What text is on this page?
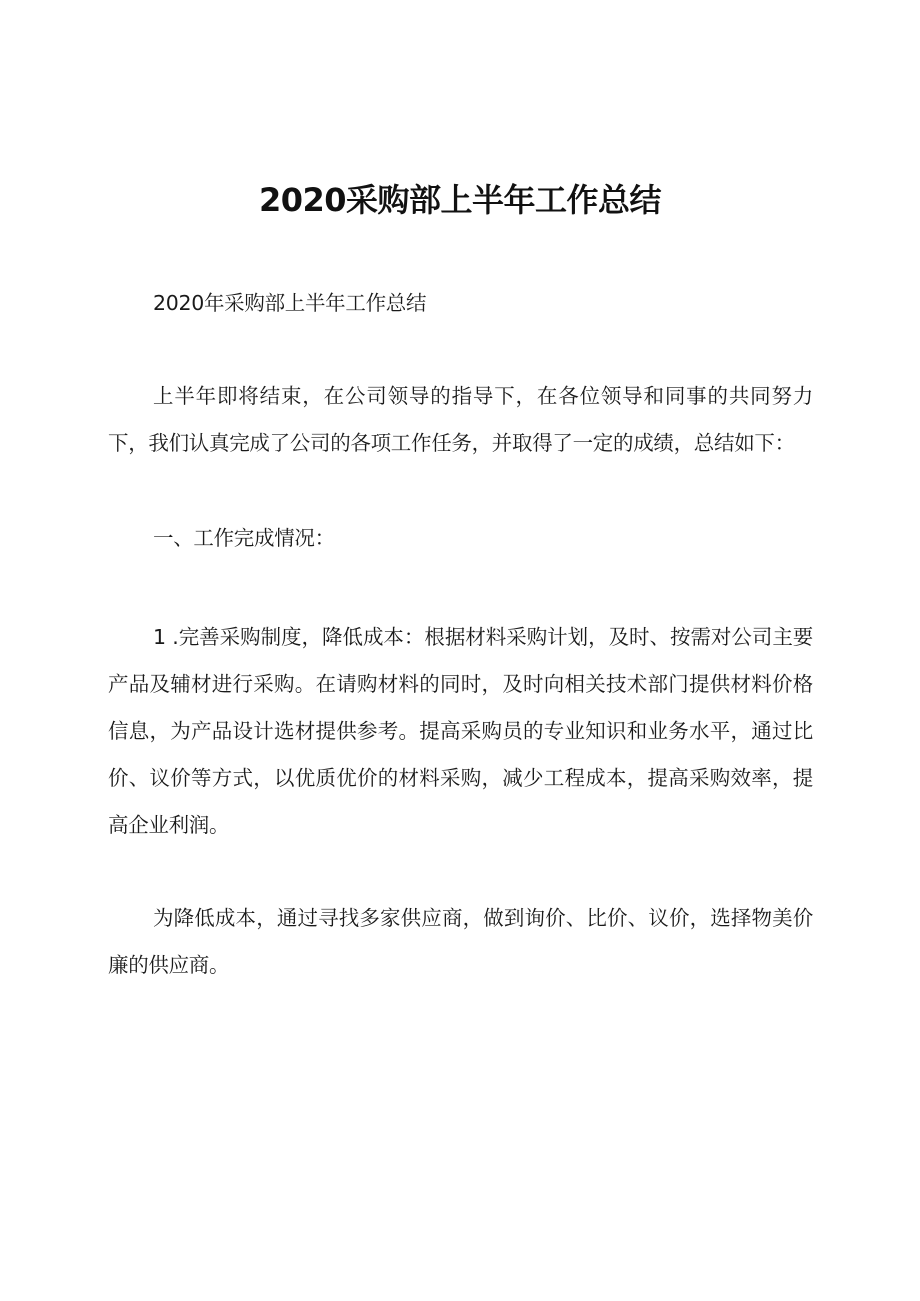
2020采购部上半年工作总结

2020年采购部上半年工作总结

上半年即将结束，在公司领导的指导下，在各位领导和同事的共同努力下，我们认真完成了公司的各项工作任务，并取得了一定的成绩，总结如下：

一、工作完成情况：

1 .完善采购制度，降低成本：根据材料采购计划，及时、按需对公司主要产品及辅材进行采购。在请购材料的同时，及时向相关技术部门提供材料价格信息，为产品设计选材提供参考。提高采购员的专业知识和业务水平，通过比价、议价等方式，以优质优价的材料采购，减少工程成本，提高采购效率，提高企业利润。

为降低成本，通过寻找多家供应商，做到询价、比价、议价，选择物美价廉的供应商。
